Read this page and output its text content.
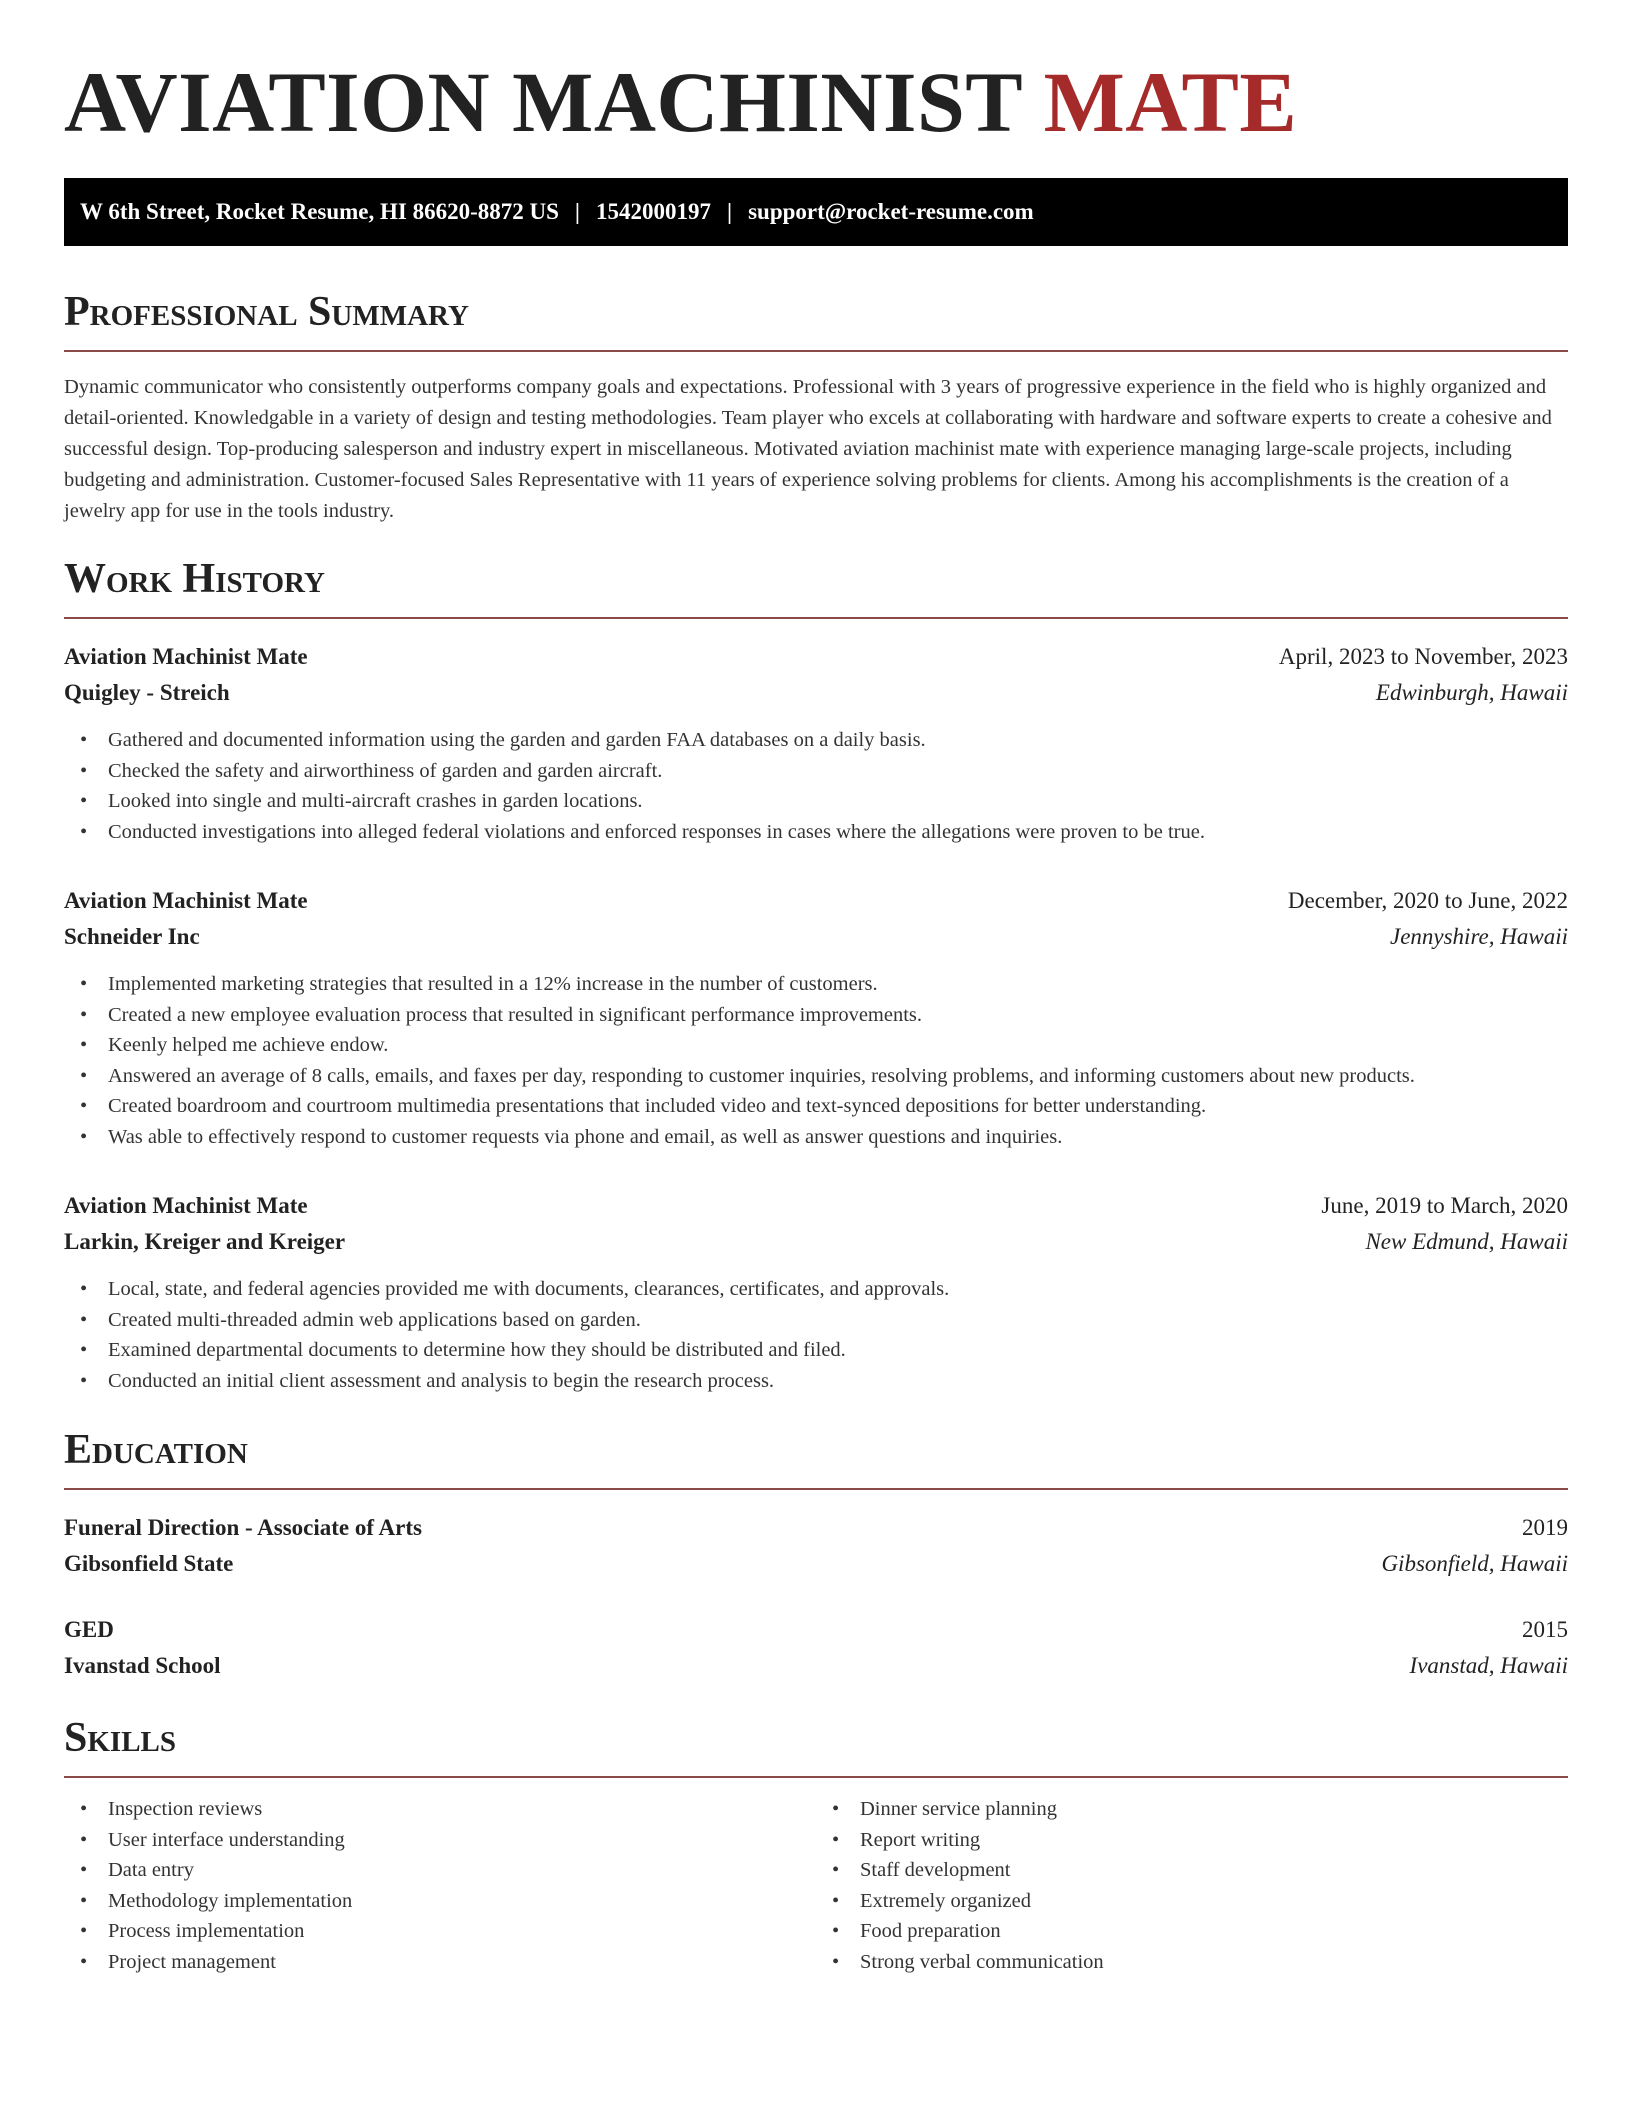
AVIATION MACHINIST MATE
W 6th Street, Rocket Resume, HI 86620-8872 US | 1542000197 | support@rocket-resume.com
Professional Summary

Dynamic communicator who consistently outperforms company goals and expectations. Professional with 3 years of progressive experience in the field who is highly organized and detail-oriented. Knowledgable in a variety of design and testing methodologies. Team player who excels at collaborating with hardware and software experts to create a cohesive and successful design. Top-producing salesperson and industry expert in miscellaneous. Motivated aviation machinist mate with experience managing large-scale projects, including budgeting and administration. Customer-focused Sales Representative with 11 years of experience solving problems for clients. Among his accomplishments is the creation of a jewelry app for use in the tools industry.

Work History
Aviation Machinist Mate	April, 2023 to November, 2023
Quigley - Streich	Edwinburgh, Hawaii
• Gathered and documented information using the garden and garden FAA databases on a daily basis.
• Checked the safety and airworthiness of garden and garden aircraft.
• Looked into single and multi-aircraft crashes in garden locations.
• Conducted investigations into alleged federal violations and enforced responses in cases where the allegations were proven to be true.
Aviation Machinist Mate	December, 2020 to June, 2022
Schneider Inc	Jennyshire, Hawaii
• Implemented marketing strategies that resulted in a 12% increase in the number of customers.
• Created a new employee evaluation process that resulted in significant performance improvements.
• Keenly helped me achieve endow.
• Answered an average of 8 calls, emails, and faxes per day, responding to customer inquiries, resolving problems, and informing customers about new products.
• Created boardroom and courtroom multimedia presentations that included video and text-synced depositions for better understanding.
• Was able to effectively respond to customer requests via phone and email, as well as answer questions and inquiries.
Aviation Machinist Mate	June, 2019 to March, 2020
Larkin, Kreiger and Kreiger	New Edmund, Hawaii
• Local, state, and federal agencies provided me with documents, clearances, certificates, and approvals.
• Created multi-threaded admin web applications based on garden.
• Examined departmental documents to determine how they should be distributed and filed.
• Conducted an initial client assessment and analysis to begin the research process.
Education
Funeral Direction - Associate of Arts	2019
Gibsonfield State	Gibsonfield, Hawaii
GED	2015
Ivanstad School	Ivanstad, Hawaii
Skills
• Inspection reviews
• User interface understanding
• Data entry
• Methodology implementation
• Process implementation
• Project management
• Dinner service planning
• Report writing
• Staff development
• Extremely organized
• Food preparation
• Strong verbal communication
